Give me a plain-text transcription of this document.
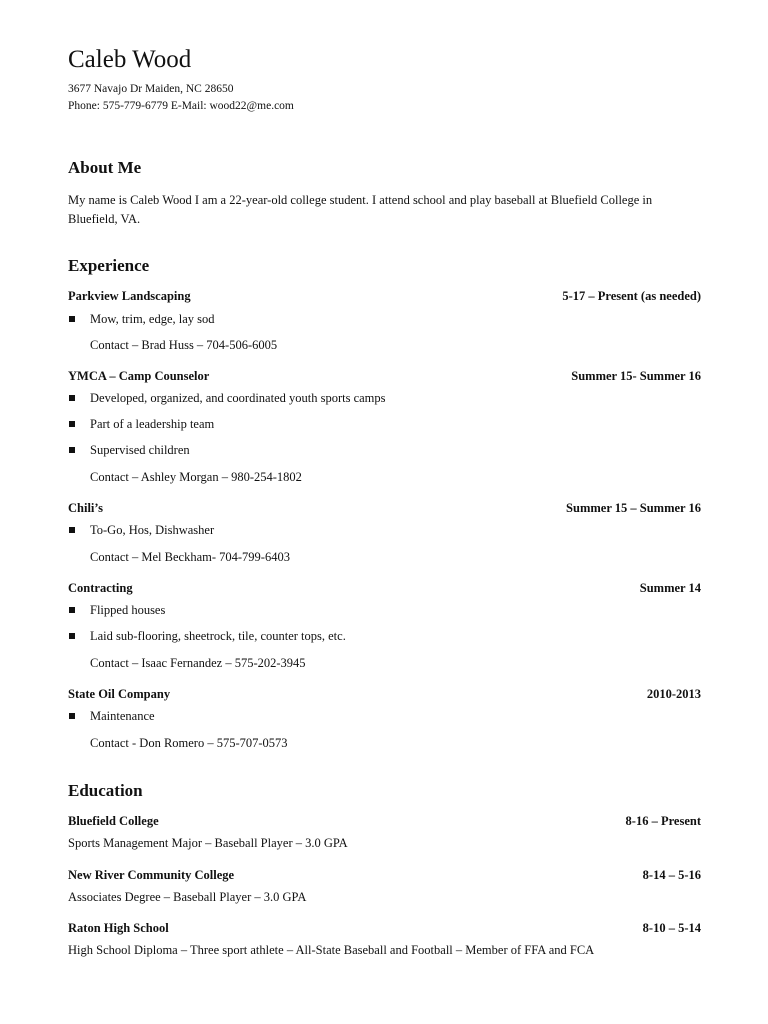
Caleb Wood
3677 Navajo Dr Maiden, NC 28650
Phone: 575-779-6779 E-Mail: wood22@me.com
About Me
My name is Caleb Wood I am a 22-year-old college student. I attend school and play baseball at Bluefield College in Bluefield, VA.
Experience
Parkview Landscaping	5-17 – Present (as needed)
Mow, trim, edge, lay sod
Contact – Brad Huss – 704-506-6005
YMCA – Camp Counselor	Summer 15- Summer 16
Developed, organized, and coordinated youth sports camps
Part of a leadership team
Supervised children
Contact – Ashley Morgan – 980-254-1802
Chili’s	Summer 15 – Summer 16
To-Go, Hos, Dishwasher
Contact – Mel Beckham- 704-799-6403
Contracting	Summer 14
Flipped houses
Laid sub-flooring, sheetrock, tile, counter tops, etc.
Contact – Isaac Fernandez – 575-202-3945
State Oil Company	2010-2013
Maintenance
Contact - Don Romero – 575-707-0573
Education
Bluefield College	8-16 – Present
Sports Management Major – Baseball Player – 3.0 GPA
New River Community College	8-14 – 5-16
Associates Degree – Baseball Player – 3.0 GPA
Raton High School	8-10 – 5-14
High School Diploma – Three sport athlete – All-State Baseball and Football – Member of FFA and FCA
